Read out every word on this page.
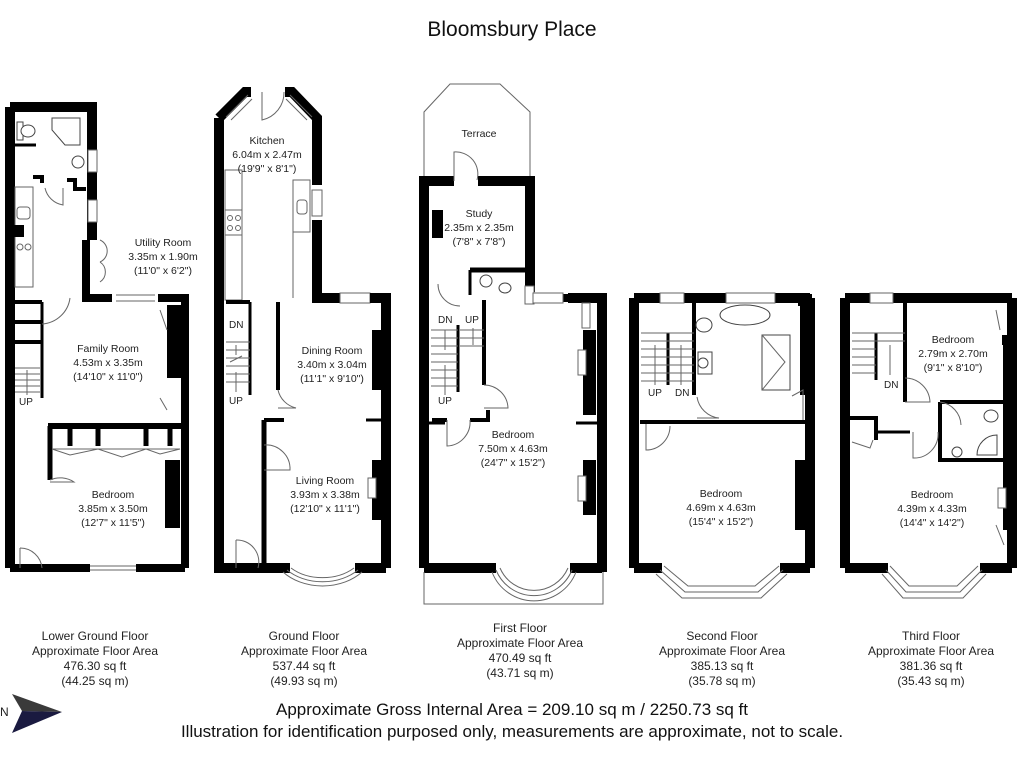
Bloomsbury Place
Utility Room
3.35m x 1.90m
(11'0" x 6'2")
Family Room
4.53m x 3.35m
(14'10" x 11'0")
Bedroom
3.85m x 3.50m
(12'7" x 11'5")
UP
Kitchen
6.04m x 2.47m
(19'9" x 8'1")
Dining Room
3.40m x 3.04m
(11'1" x 9'10")
Living Room
3.93m x 3.38m
(12'10" x 11'1")
DN
UP
Terrace
Study
2.35m x 2.35m
(7'8" x 7'8")
Bedroom
7.50m x 4.63m
(24'7" x 15'2")
DN UP
UP
Bedroom
4.69m x 4.63m
(15'4" x 15'2")
UP DN
Bedroom
2.79m x 2.70m
(9'1" x 8'10")
Bedroom
4.39m x 4.33m
(14'4" x 14'2")
DN
Lower Ground Floor
Approximate Floor Area
476.30 sq ft
(44.25 sq m)
Ground Floor
Approximate Floor Area
537.44 sq ft
(49.93 sq m)
First Floor
Approximate Floor Area
470.49 sq ft
(43.71 sq m)
Second Floor
Approximate Floor Area
385.13 sq ft
(35.78 sq m)
Third Floor
Approximate Floor Area
381.36 sq ft
(35.43 sq m)
N	Approximate Gross Internal Area = 209.10 sq m / 2250.73 sq ft
Illustration for identification purposed only, measurements are approximate, not to scale.
